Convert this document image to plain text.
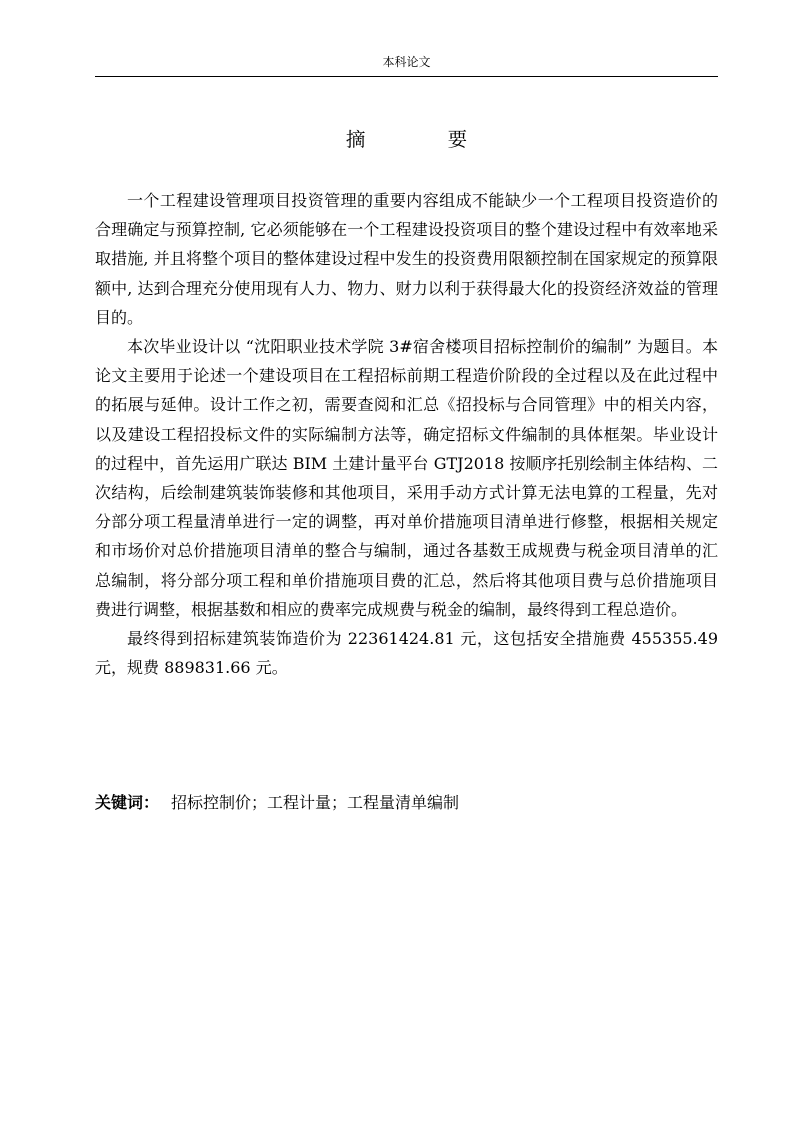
本科论文
摘 要

一个工程建设管理项目投资管理的重要内容组成不能缺少一个工程项目投资造价的合理确定与预算控制, 它必须能够在一个工程建设投资项目的整个建设过程中有效率地采取措施, 并且将整个项目的整体建设过程中发生的投资费用限额控制在国家规定的预算限额中, 达到合理充分使用现有人力、物力、财力以利于获得最大化的投资经济效益的管理目的。

本次毕业设计以 “沈阳职业技术学院 3#宿舍楼项目招标控制价的编制” 为题目。本论文主要用于论述一个建设项目在工程招标前期工程造价阶段的全过程以及在此过程中的拓展与延伸。设计工作之初，需要查阅和汇总《招投标与合同管理》中的相关内容，以及建设工程招投标文件的实际编制方法等，确定招标文件编制的具体框架。毕业设计的过程中，首先运用广联达 BIM 土建计量平台 GTJ2018 按顺序托别绘制主体结构、二次结构，后绘制建筑装饰装修和其他项目，采用手动方式计算无法电算的工程量，先对分部分项工程量清单进行一定的调整，再对单价措施项目清单进行修整，根据相关规定和市场价对总价措施项目清单的整合与编制，通过各基数王成规费与税金项目清单的汇总编制，将分部分项工程和单价措施项目费的汇总，然后将其他项目费与总价措施项目费进行调整，根据基数和相应的费率完成规费与税金的编制，最终得到工程总造价。

最终得到招标建筑装饰造价为 22361424.81 元，这包括安全措施费 455355.49 元，规费 889831.66 元。

关键词： 招标控制价；工程计量；工程量清单编制
